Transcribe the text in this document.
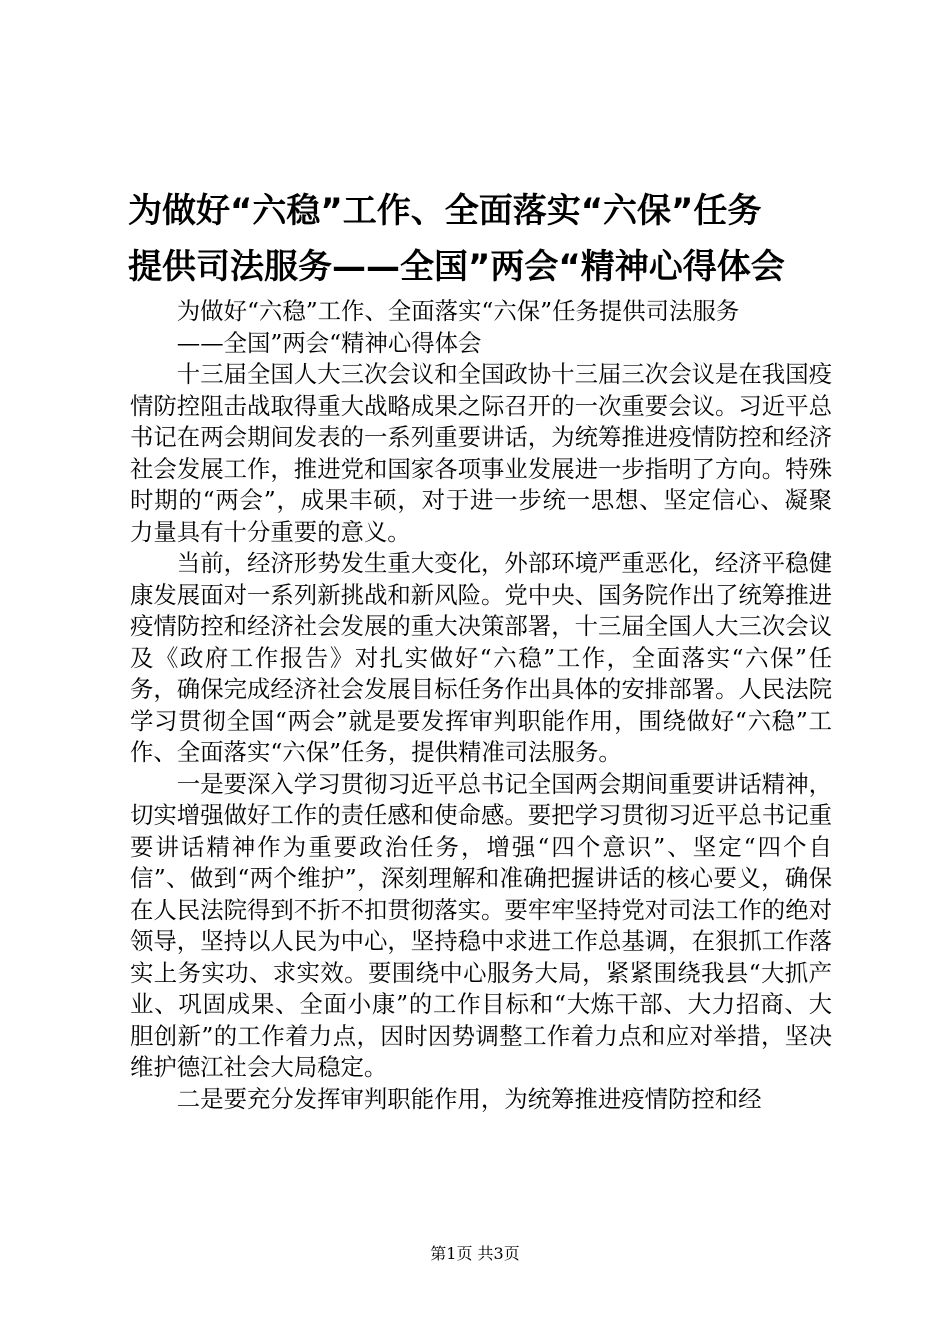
为做好“六稳”工作、全面落实“六保”任务
提供司法服务——全国”两会“精神心得体会

为做好“六稳”工作、全面落实“六保”任务提供司法服务

——全国”两会“精神心得体会

十三届全国人大三次会议和全国政协十三届三次会议是在我国疫情防控阻击战取得重大战略成果之际召开的一次重要会议。习近平总书记在两会期间发表的一系列重要讲话，为统筹推进疫情防控和经济社会发展工作，推进党和国家各项事业发展进一步指明了方向。特殊时期的“两会”，成果丰硕，对于进一步统一思想、坚定信心、凝聚力量具有十分重要的意义。

当前，经济形势发生重大变化，外部环境严重恶化，经济平稳健康发展面对一系列新挑战和新风险。党中央、国务院作出了统筹推进疫情防控和经济社会发展的重大决策部署，十三届全国人大三次会议及《政府工作报告》对扎实做好“六稳”工作，全面落实“六保”任务，确保完成经济社会发展目标任务作出具体的安排部署。人民法院学习贯彻全国“两会”就是要发挥审判职能作用，围绕做好“六稳”工作、全面落实“六保”任务，提供精准司法服务。

一是要深入学习贯彻习近平总书记全国两会期间重要讲话精神，切实增强做好工作的责任感和使命感。要把学习贯彻习近平总书记重要讲话精神作为重要政治任务，增强“四个意识”、坚定“四个自信”、做到“两个维护”，深刻理解和准确把握讲话的核心要义，确保在人民法院得到不折不扣贯彻落实。要牢牢坚持党对司法工作的绝对领导，坚持以人民为中心，坚持稳中求进工作总基调，在狠抓工作落实上务实功、求实效。要围绕中心服务大局，紧紧围绕我县“大抓产业、巩固成果、全面小康”的工作目标和“大炼干部、大力招商、大胆创新”的工作着力点，因时因势调整工作着力点和应对举措，坚决维护德江社会大局稳定。

二是要充分发挥审判职能作用，为统筹推进疫情防控和经

第1页 共3页
